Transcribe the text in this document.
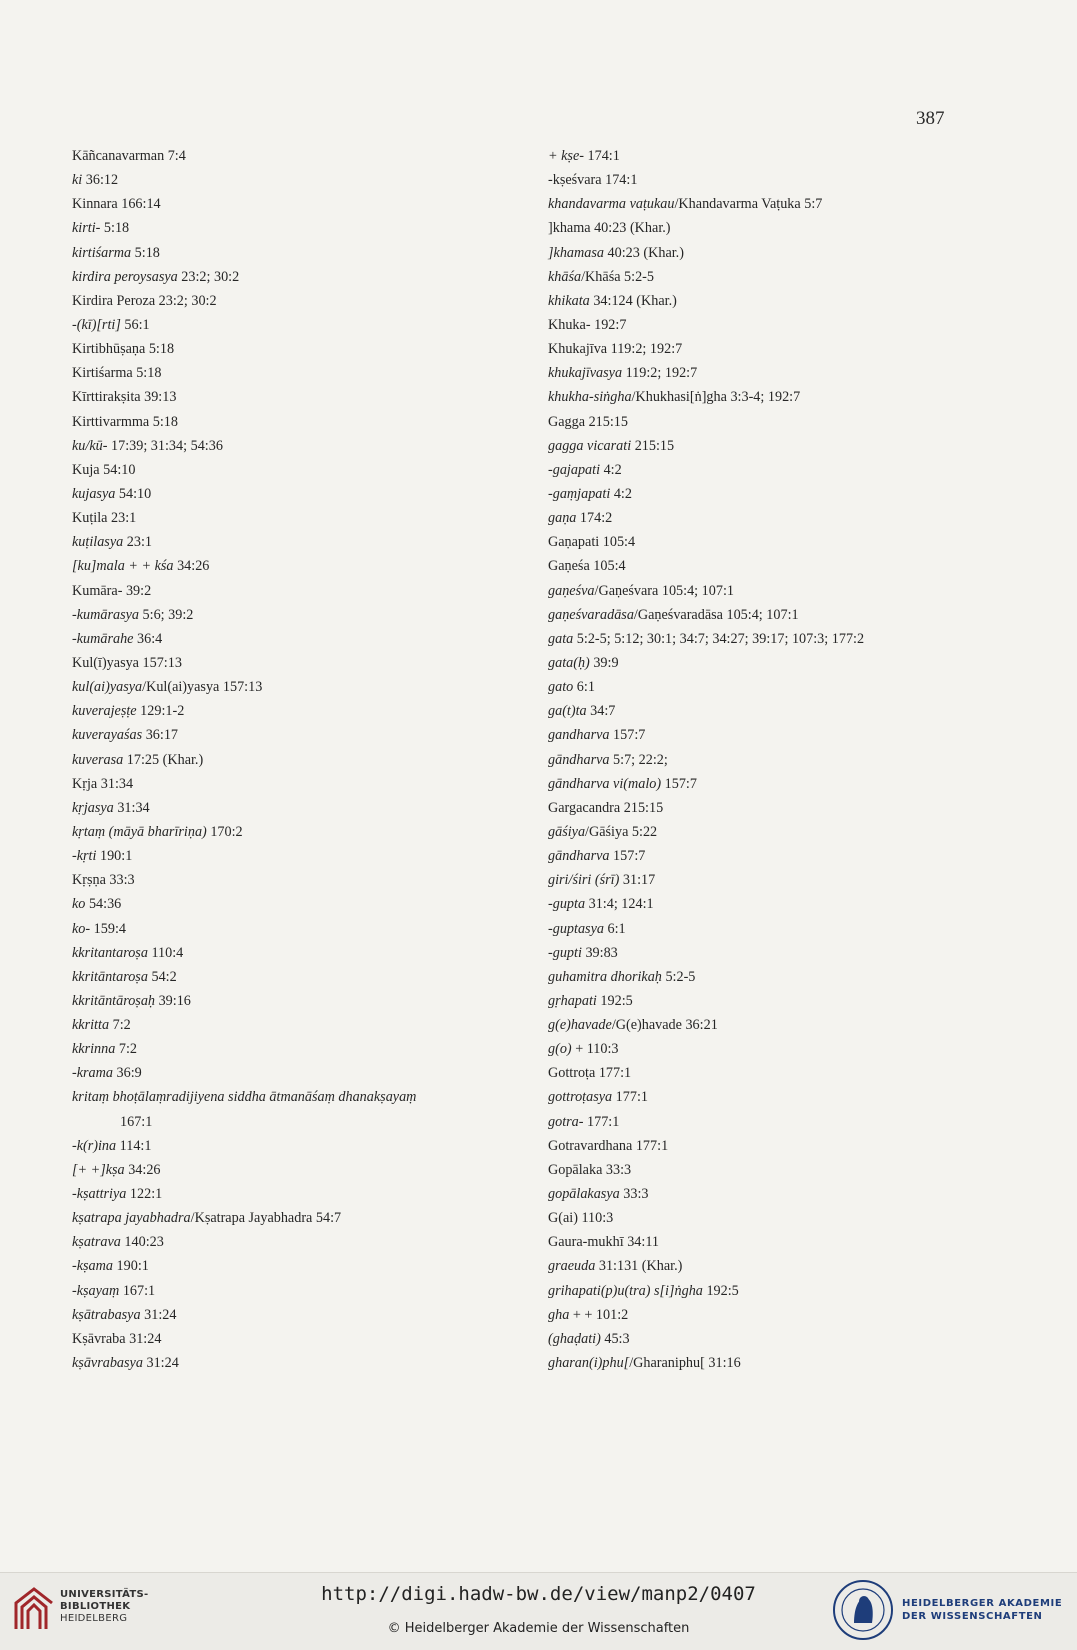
387
Kāñcanavarman 7:4
ki 36:12
Kinnara 166:14
kirti- 5:18
kirtiśarma 5:18
kirdira peroysasya 23:2; 30:2
Kirdira Peroza 23:2; 30:2
-(kī)[rti] 56:1
Kirtibhūṣaṇa 5:18
Kirtiśarma 5:18
Kīrttirakṣita 39:13
Kirttivarmma 5:18
ku/kū- 17:39; 31:34; 54:36
Kuja 54:10
kujasya 54:10
Kuṭila 23:1
kuṭilasya 23:1
[ku]mala + + kśa 34:26
Kumāra- 39:2
-kumārasya 5:6; 39:2
-kumārahe 36:4
Kul(ī)yasya 157:13
kul(ai)yasya/Kul(ai)yasya 157:13
kuverajeṣṭe 129:1-2
kuverayaśas 36:17
kuverasa 17:25 (Khar.)
Kṛja 31:34
kṛjasya 31:34
kṛtaṃ (māyā bharīriṇa) 170:2
-kṛti 190:1
Kṛṣṇa 33:3
ko 54:36
ko- 159:4
kkritantaroṣa 110:4
kkritāntaroṣa 54:2
kkritāntāroṣaḥ 39:16
kkritta 7:2
kkrinna 7:2
-krama 36:9
kritaṃ bhoṭālaṃradijiyena siddha ātmanāśaṃ dhanakṣayaṃ
167:1
-k(r)ina 114:1
[+ +]kṣa 34:26
-kṣattriya 122:1
kṣatrapa jayabhadra/Kṣatrapa Jayabhadra 54:7
kṣatrava 140:23
-kṣama 190:1
-kṣayaṃ 167:1
kṣātrabasya 31:24
Kṣāvraba 31:24
kṣāvrabasya 31:24
+ kṣe- 174:1
-kṣeśvara 174:1
khandavarma vaṭukau/Khandavarma Vaṭuka 5:7
]khama 40:23 (Khar.)
]khamasa 40:23 (Khar.)
khāśa/Khāśa 5:2-5
khikata 34:124 (Khar.)
Khuka- 192:7
Khukajīva 119:2; 192:7
khukajīvasya 119:2; 192:7
khukha-siṅgha/Khukhasi[ṅ]gha 3:3-4; 192:7
Gagga 215:15
gagga vicarati 215:15
-gajapati 4:2
-gaṃjapati 4:2
gaṇa 174:2
Gaṇapati 105:4
Gaṇeśa 105:4
gaṇeśva/Gaṇeśvara 105:4; 107:1
gaṇeśvaradāsa/Gaṇeśvaradāsa 105:4; 107:1
gata 5:2-5; 5:12; 30:1; 34:7; 34:27; 39:17; 107:3; 177:2
gata(ḥ) 39:9
gato 6:1
ga(t)ta 34:7
gandharva 157:7
gāndharva 5:7; 22:2;
gāndharva vi(malo) 157:7
Gargacandra 215:15
gāśiya/Gāśiya 5:22
gāndharva 157:7
giri/śiri (śrī) 31:17
-gupta 31:4; 124:1
-guptasya 6:1
-gupti 39:83
guhamitra dhorikaḥ 5:2-5
gṛhapati 192:5
g(e)havade/G(e)havade 36:21
g(o) + 110:3
Gottroṭa 177:1
gottroṭasya 177:1
gotra- 177:1
Gotravardhana 177:1
Gopālaka 33:3
gopālakasya 33:3
G(ai) 110:3
Gaura-mukhī 34:11
graeuda 31:131 (Khar.)
grihapati(p)u(tra) s[i]ṅgha 192:5
gha + + 101:2
(ghaḍati) 45:3
gharan(i)phu[/Gharaniphu[ 31:16
UNIVERSITÄTS-
BIBLIOTHEK
HEIDELBERG
http://digi.hadw-bw.de/view/manp2/0407
© Heidelberger Akademie der Wissenschaften
HEIDELBERGER AKADEMIE
DER WISSENSCHAFTEN
